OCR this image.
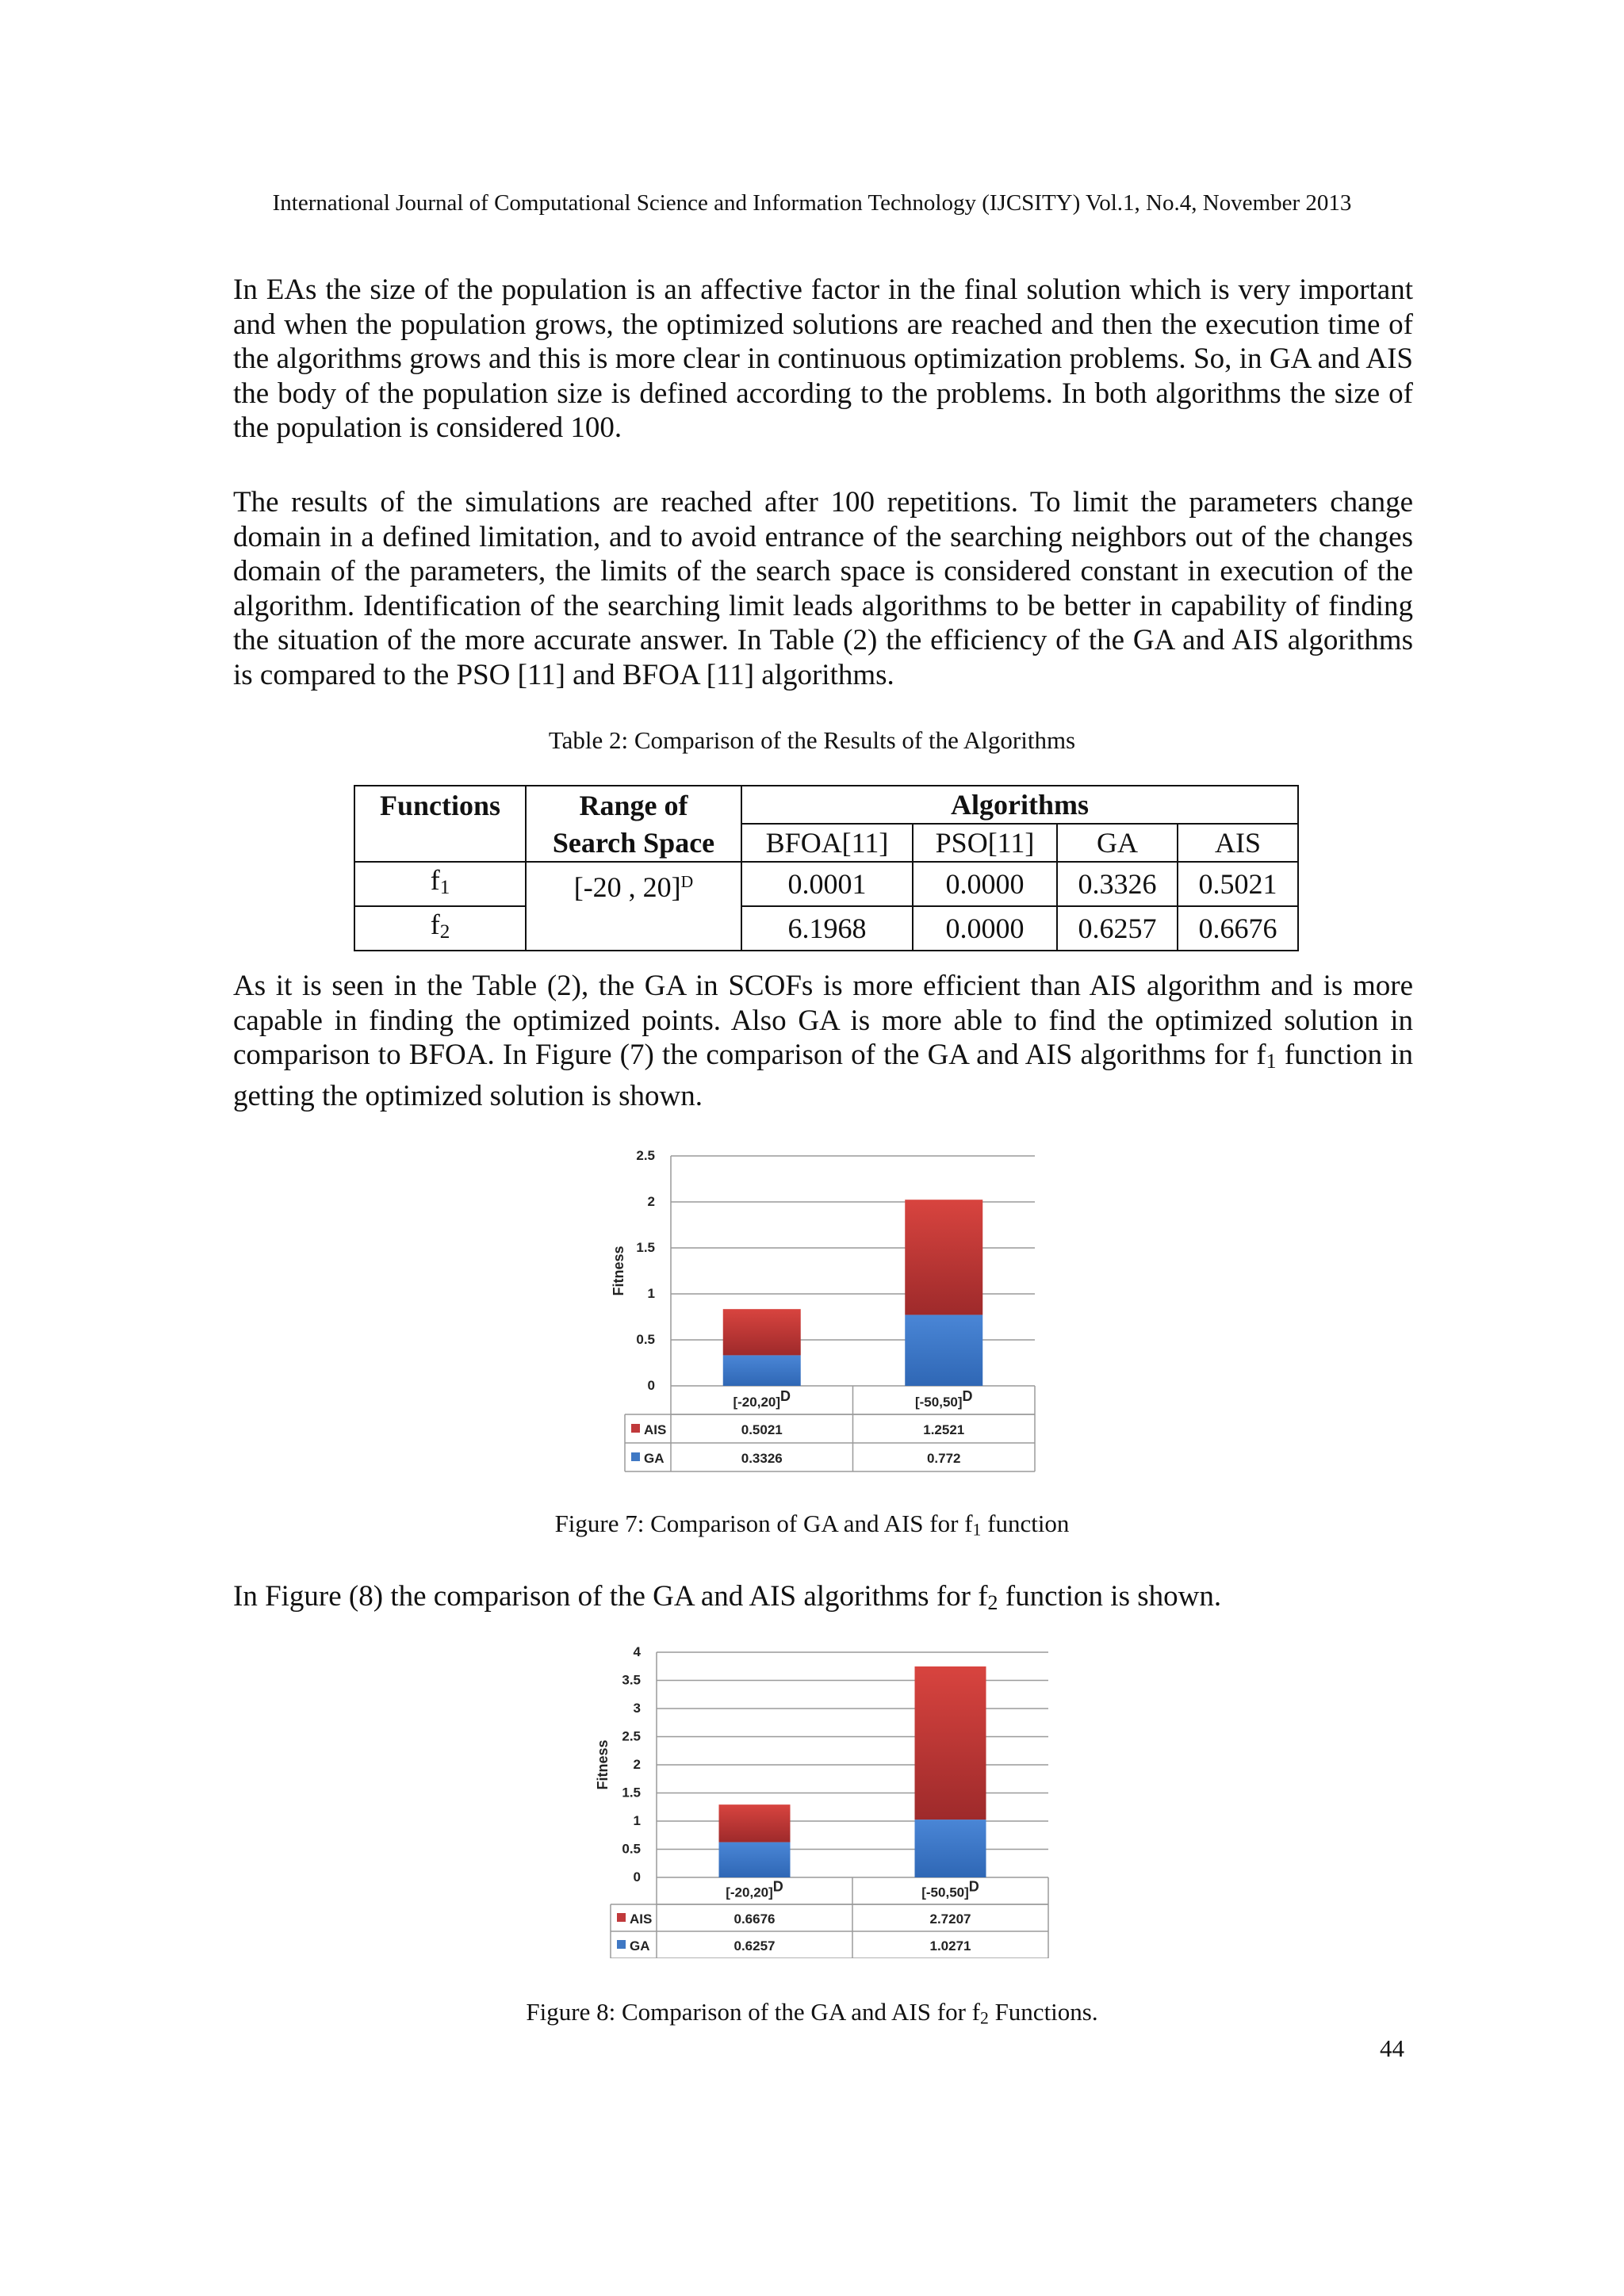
International Journal of Computational Science and Information Technology (IJCSITY) Vol.1, No.4, November 2013

In EAs the size of the population is an affective factor in the final solution which is very important and when the population grows, the optimized solutions are reached and then the execution time of the algorithms grows and this is more clear in continuous optimization problems. So, in GA and AIS the body of the population size is defined according to the problems. In both algorithms the size of the population is considered 100.

The results of the simulations are reached after 100 repetitions. To limit the parameters change domain in a defined limitation, and to avoid entrance of the searching neighbors out of the changes domain of the parameters, the limits of the search space is considered constant in execution of the algorithm. Identification of the searching limit leads algorithms to be better in capability of finding the situation of the more accurate answer. In Table (2) the efficiency of the GA and AIS algorithms is compared to the PSO [11] and BFOA [11] algorithms.

Table 2: Comparison of the Results of the Algorithms
Functions	Range of	Algorithms			
	Search Space	BFOA[11]	PSO[11]	GA	AIS
$f_1$	[-20 , 20]$^D$	0.0001	0.0000	0.3326	0.5021
$f_2$		6.1968	0.0000	0.6257	0.6676

As it is seen in the Table (2), the GA in SCOFs is more efficient than AIS algorithm and is more capable in finding the optimized points. Also GA is more able to find the optimized solution in comparison to BFOA. In Figure (7) the comparison of the GA and AIS algorithms for $f_1$ function in getting the optimized solution is shown.

0
0.5
1
1.5
2
2.5
Fitness
[-20,20]D	[-50,50]D
AIS	0.5021	1.2521
GA	0.3326	0.772
Figure 7: Comparison of GA and AIS for $f_1$ function

In Figure (8) the comparison of the GA and AIS algorithms for $f_2$ function is shown.

0
0.5
1
1.5
2
2.5
3
3.5
4
Fitness
[-20,20]D	[-50,50]D
AIS	0.6676	2.7207
GA	0.6257	1.0271
Figure 8: Comparison of the GA and AIS for $f_2$ Functions.
44
